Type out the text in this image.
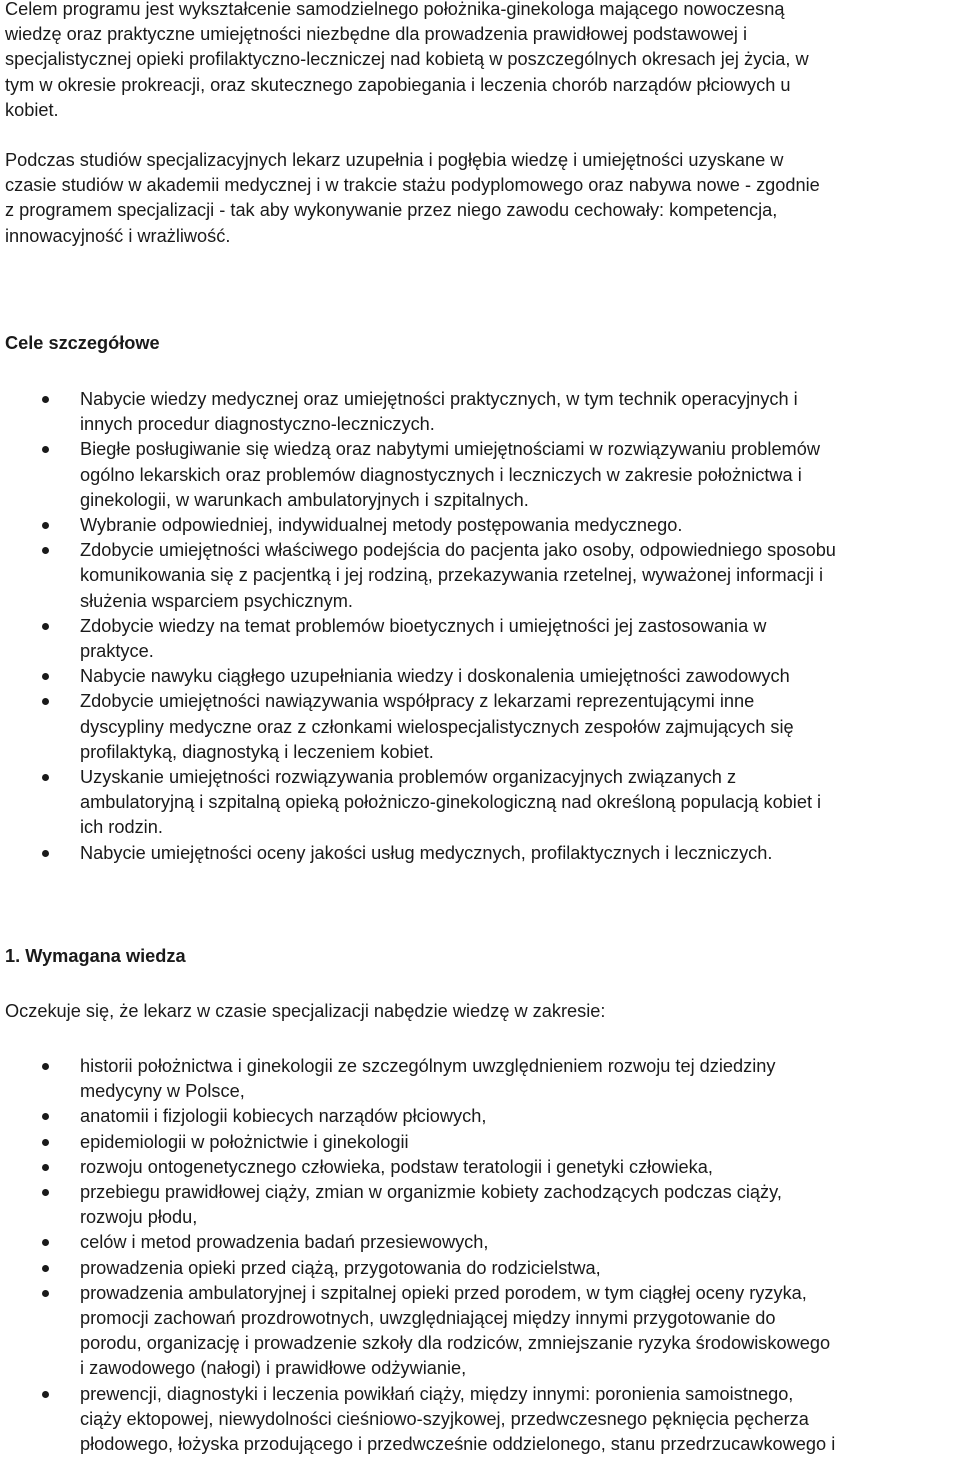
Celem programu jest wykształcenie samodzielnego położnika-ginekologa mającego nowoczesną
wiedzę oraz praktyczne umiejętności niezbędne dla prowadzenia prawidłowej podstawowej i
specjalistycznej opieki profilaktyczno-leczniczej nad kobietą w poszczególnych okresach jej życia, w
tym w okresie prokreacji, oraz skutecznego zapobiegania i leczenia chorób narządów płciowych u
kobiet.
Podczas studiów specjalizacyjnych lekarz uzupełnia i pogłębia wiedzę i umiejętności uzyskane w
czasie studiów w akademii medycznej i w trakcie stażu podyplomowego oraz nabywa nowe - zgodnie
z programem specjalizacji - tak aby wykonywanie przez niego zawodu cechowały: kompetencja,
innowacyjność i wrażliwość.
Cele szczegółowe
Nabycie wiedzy medycznej oraz umiejętności praktycznych, w tym technik operacyjnych i
innych procedur diagnostyczno-leczniczych.
Biegłe posługiwanie się wiedzą oraz nabytymi umiejętnościami w rozwiązywaniu problemów
ogólno lekarskich oraz problemów diagnostycznych i leczniczych w zakresie położnictwa i
ginekologii, w warunkach ambulatoryjnych i szpitalnych.
Wybranie odpowiedniej, indywidualnej metody postępowania medycznego.
Zdobycie umiejętności właściwego podejścia do pacjenta jako osoby, odpowiedniego sposobu
komunikowania się z pacjentką i jej rodziną, przekazywania rzetelnej, wyważonej informacji i
służenia wsparciem psychicznym.
Zdobycie wiedzy na temat problemów bioetycznych i umiejętności jej zastosowania w
praktyce.
Nabycie nawyku ciągłego uzupełniania wiedzy i doskonalenia umiejętności zawodowych
Zdobycie umiejętności nawiązywania współpracy z lekarzami reprezentującymi inne
dyscypliny medyczne oraz z członkami wielospecjalistycznych zespołów zajmujących się
profilaktyką, diagnostyką i leczeniem kobiet.
Uzyskanie umiejętności rozwiązywania problemów organizacyjnych związanych z
ambulatoryjną i szpitalną opieką położniczo-ginekologiczną nad określoną populacją kobiet i
ich rodzin.
Nabycie umiejętności oceny jakości usług medycznych, profilaktycznych i leczniczych.
1. Wymagana wiedza

Oczekuje się, że lekarz w czasie specjalizacji nabędzie wiedzę w zakresie:

historii położnictwa i ginekologii ze szczególnym uwzględnieniem rozwoju tej dziedziny
medycyny w Polsce,
anatomii i fizjologii kobiecych narządów płciowych,
epidemiologii w położnictwie i ginekologii
rozwoju ontogenetycznego człowieka, podstaw teratologii i genetyki człowieka,
przebiegu prawidłowej ciąży, zmian w organizmie kobiety zachodzących podczas ciąży,
rozwoju płodu,
celów i metod prowadzenia badań przesiewowych,
prowadzenia opieki przed ciążą, przygotowania do rodzicielstwa,
prowadzenia ambulatoryjnej i szpitalnej opieki przed porodem, w tym ciągłej oceny ryzyka,
promocji zachowań prozdrowotnych, uwzględniającej między innymi przygotowanie do
porodu, organizację i prowadzenie szkoły dla rodziców, zmniejszanie ryzyka środowiskowego
i zawodowego (nałogi) i prawidłowe odżywianie,
prewencji, diagnostyki i leczenia powikłań ciąży, między innymi: poronienia samoistnego,
ciąży ektopowej, niewydolności cieśniowo-szyjkowej, przedwczesnego pęknięcia pęcherza
płodowego, łożyska przodującego i przedwcześnie oddzielonego, stanu przedrzucawkowego i
